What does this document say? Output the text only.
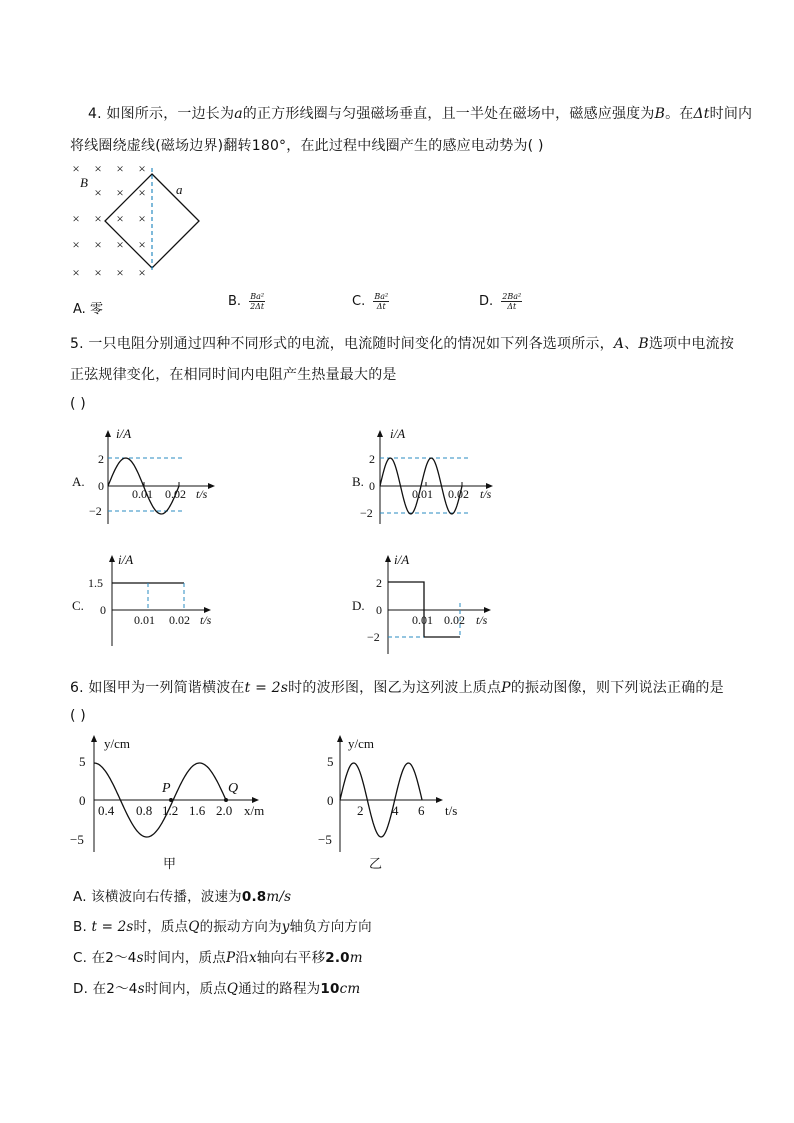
4. 如图所示，一边长为a的正方形线圈与匀强磁场垂直，且一半处在磁场中，磁感应强度为B。在Δt时间内
将线圈绕虚线(磁场边界)翻转180°，在此过程中线圈产生的感应电动势为( )
× × × ×
× × ×
× × × ×
× × × ×
× × × ×
B	a
A. 零
B. $\frac{\text{Ba²}}{2\Delta t}$	C. $\frac{\text{Ba²}}{\Delta t}$	D. $\frac{\text{2Ba²}}{\Delta t}$
5. 一只电阻分别通过四种不同形式的电流，电流随时间变化的情况如下列各选项所示，A、B选项中电流按
正弦规律变化，在相同时间内电阻产生热量最大的是
( )
A.
i/A
t/s
2
0
−2
0.01 0.02
B.
i/A
t/s
2
0
−2
0.01 0.02
C.
i/A
t/s
1.5
0
0.01 0.02
D.
i/A
t/s
2
0
−2
0.01 0.02
6. 如图甲为一列简谐横波在t = 2s时的波形图，图乙为这列波上质点P的振动图像，则下列说法正确的是
( )
y/cm
x/m
5
0
−5
0.4 0.8 1.2 1.6 2.0
P	Q
甲
y/cm
t/s
5
0
−5
2 4 6
乙
A. 该横波向右传播，波速为0.8m/s
B. t = 2s时，质点Q的振动方向为y轴负方向方向
C. 在2～4s时间内，质点P沿x轴向右平移2.0m
D. 在2～4s时间内，质点Q通过的路程为10cm
